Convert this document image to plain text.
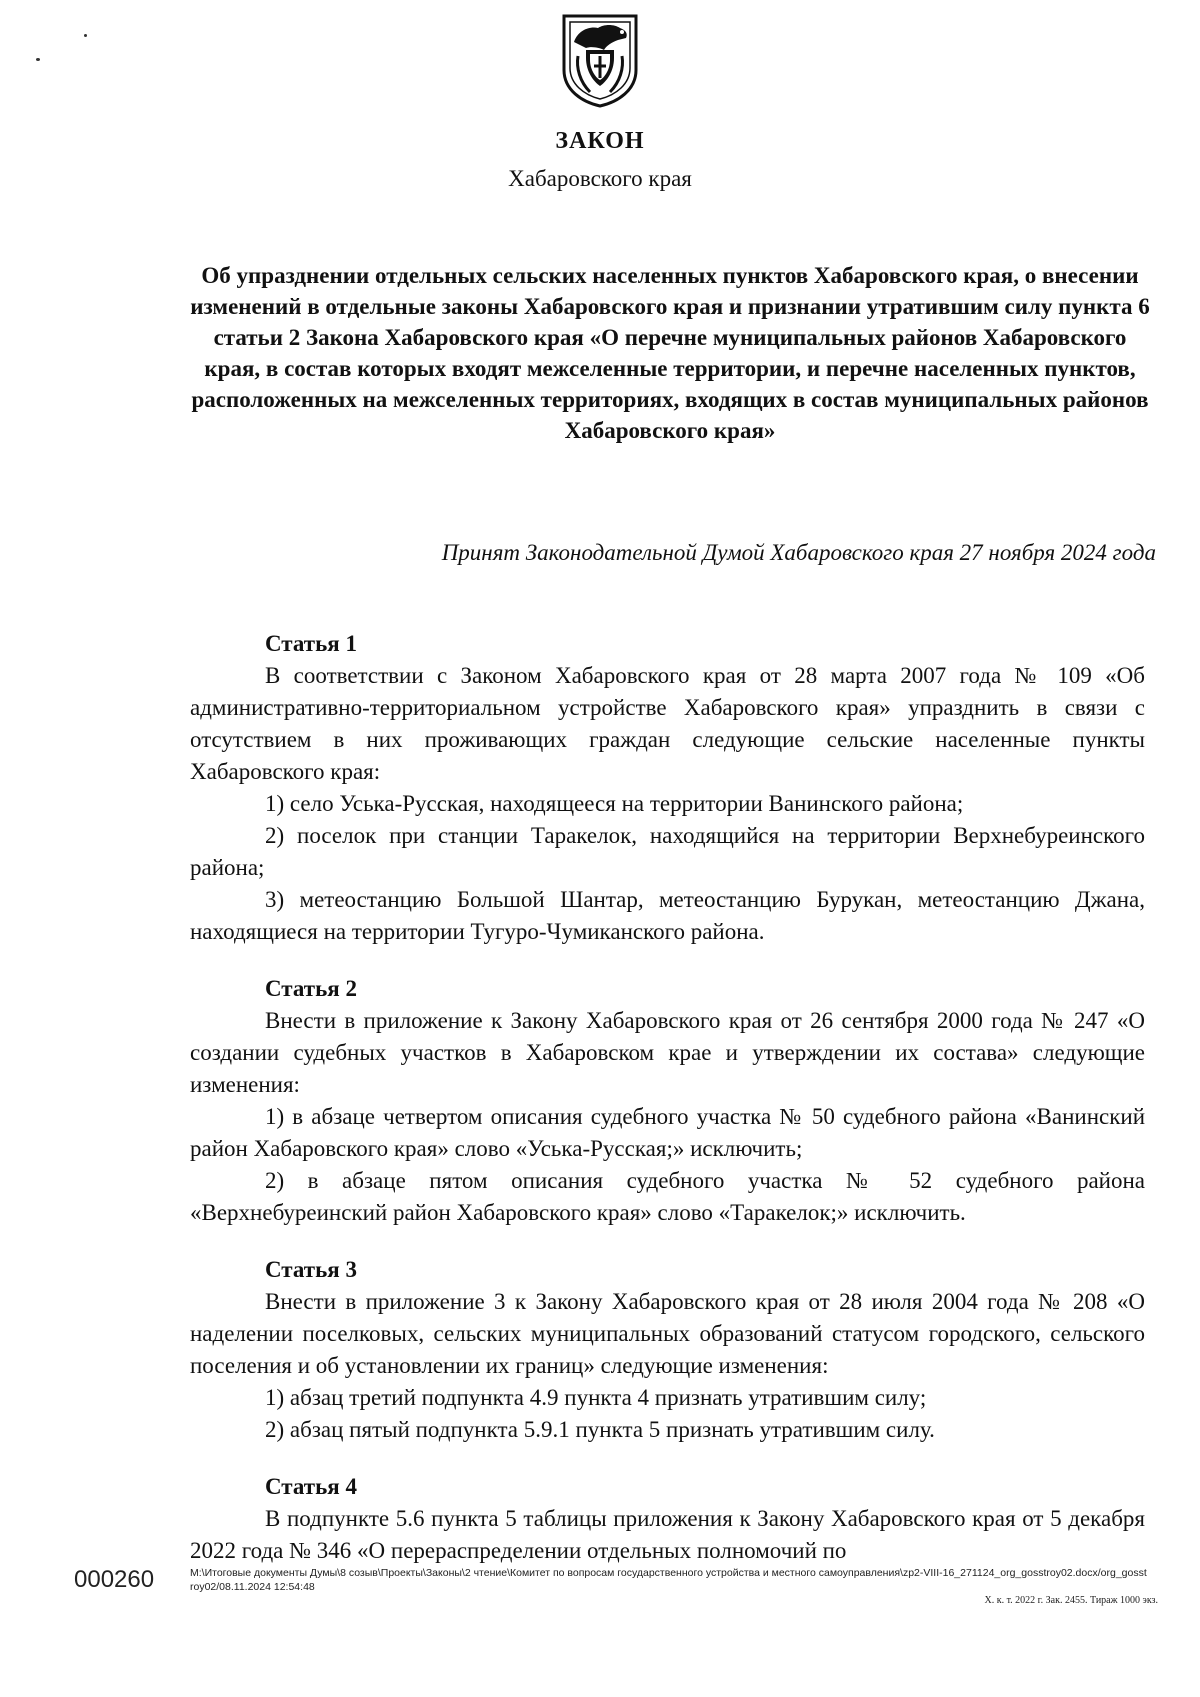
ЗАКОН
Хабаровского края
Об упразднении отдельных сельских населенных пунктов Хабаровского края, о внесении изменений в отдельные законы Хабаровского края и признании утратившим силу пункта 6 статьи 2 Закона Хабаровского края «О перечне муниципальных районов Хабаровского края, в состав которых входят межселенные территории, и перечне населенных пунктов, расположенных на межселенных территориях, входящих в состав муниципальных районов Хабаровского края»
Принят Законодательной Думой Хабаровского края 27 ноября 2024 года

Статья 1

В соответствии с Законом Хабаровского края от 28 марта 2007 года № 109 «Об административно-территориальном устройстве Хабаровского края» упразднить в связи с отсутствием в них проживающих граждан следующие сельские населенные пункты Хабаровского края:

1) село Уська-Русская, находящееся на территории Ванинского района;

2) поселок при станции Таракелок, находящийся на территории Верхнебуреинского района;

3) метеостанцию Большой Шантар, метеостанцию Бурукан, метеостанцию Джана, находящиеся на территории Тугуро-Чумиканского района.

Статья 2

Внести в приложение к Закону Хабаровского края от 26 сентября 2000 года № 247 «О создании судебных участков в Хабаровском крае и утверждении их состава» следующие изменения:

1) в абзаце четвертом описания судебного участка № 50 судебного района «Ванинский район Хабаровского края» слово «Уська-Русская;» исключить;

2) в абзаце пятом описания судебного участка № 52 судебного района «Верхнебуреинский район Хабаровского края» слово «Таракелок;» исключить.

Статья 3

Внести в приложение 3 к Закону Хабаровского края от 28 июля 2004 года № 208 «О наделении поселковых, сельских муниципальных образований статусом городского, сельского поселения и об установлении их границ» следующие изменения:

1) абзац третий подпункта 4.9 пункта 4 признать утратившим силу;

2) абзац пятый подпункта 5.9.1 пункта 5 признать утратившим силу.

Статья 4

В подпункте 5.6 пункта 5 таблицы приложения к Закону Хабаровского края от 5 декабря 2022 года № 346 «О перераспределении отдельных полномочий по

000260	М:\Итоговые документы Думы\8 созыв\Проекты\Законы\2 чтение\Комитет по вопросам государственного устройства и местного самоуправления\zp2-VIII-16_271124_org_gosstroy02.docx/org_gosstroy02/08.11.2024 12:54:48
Х. к. т. 2022 г. Зак. 2455. Тираж 1000 экз.
